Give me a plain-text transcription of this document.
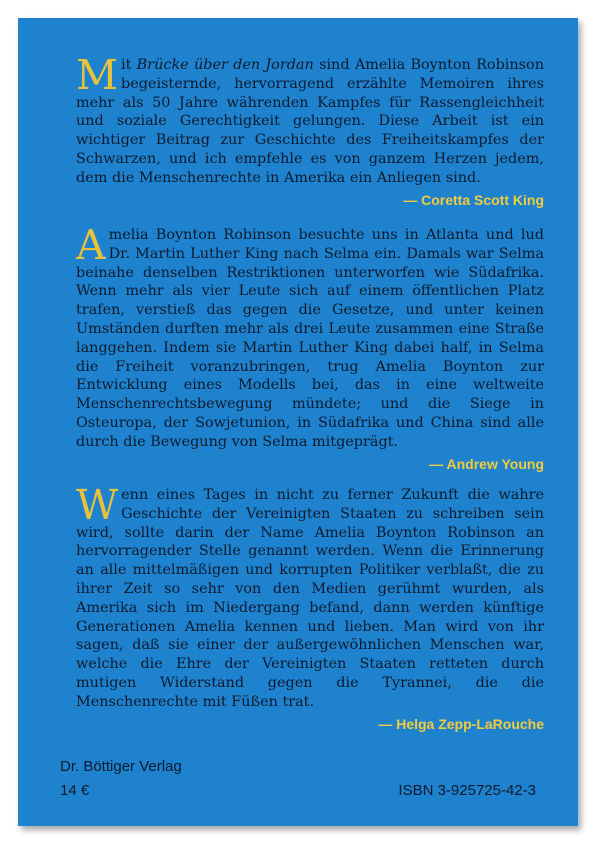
Mit Brücke über den Jordan sind Amelia Boynton Robinson begeisternde, hervorragend erzählte Memoiren ihres mehr als 50 Jahre währenden Kampfes für Rassengleichheit und soziale Gerechtigkeit gelungen. Diese Arbeit ist ein wichtiger Beitrag zur Geschichte des Freiheitskampfes der Schwarzen, und ich empfehle es von ganzem Herzen jedem, dem die Menschenrechte in Amerika ein Anliegen sind.

— Coretta Scott King

Amelia Boynton Robinson besuchte uns in Atlanta und lud Dr. Martin Luther King nach Selma ein. Damals war Selma beinahe denselben Restriktionen unterworfen wie Südafrika. Wenn mehr als vier Leute sich auf einem öffentlichen Platz trafen, verstieß das gegen die Gesetze, und unter keinen Umständen durften mehr als drei Leute zusammen eine Straße langgehen. Indem sie Martin Luther King dabei half, in Selma die Freiheit voranzubringen, trug Amelia Boynton zur Entwicklung eines Modells bei, das in eine weltweite Menschenrechtsbewegung mündete; und die Siege in Osteuropa, der Sowjetunion, in Südafrika und China sind alle durch die Bewegung von Selma mitgeprägt.

— Andrew Young

Wenn eines Tages in nicht zu ferner Zukunft die wahre Geschichte der Vereinigten Staaten zu schreiben sein wird, sollte darin der Name Amelia Boynton Robinson an hervorragender Stelle genannt werden. Wenn die Erinnerung an alle mittelmäßigen und korrupten Politiker verblaßt, die zu ihrer Zeit so sehr von den Medien gerühmt wurden, als Amerika sich im Niedergang befand, dann werden künftige Generationen Amelia kennen und lieben. Man wird von ihr sagen, daß sie einer der außergewöhnlichen Menschen war, welche die Ehre der Vereinigten Staaten retteten durch mutigen Widerstand gegen die Tyrannei, die die Menschenrechte mit Füßen trat.

— Helga Zepp-LaRouche
Dr. Böttiger Verlag
14 €	ISBN 3-925725-42-3
